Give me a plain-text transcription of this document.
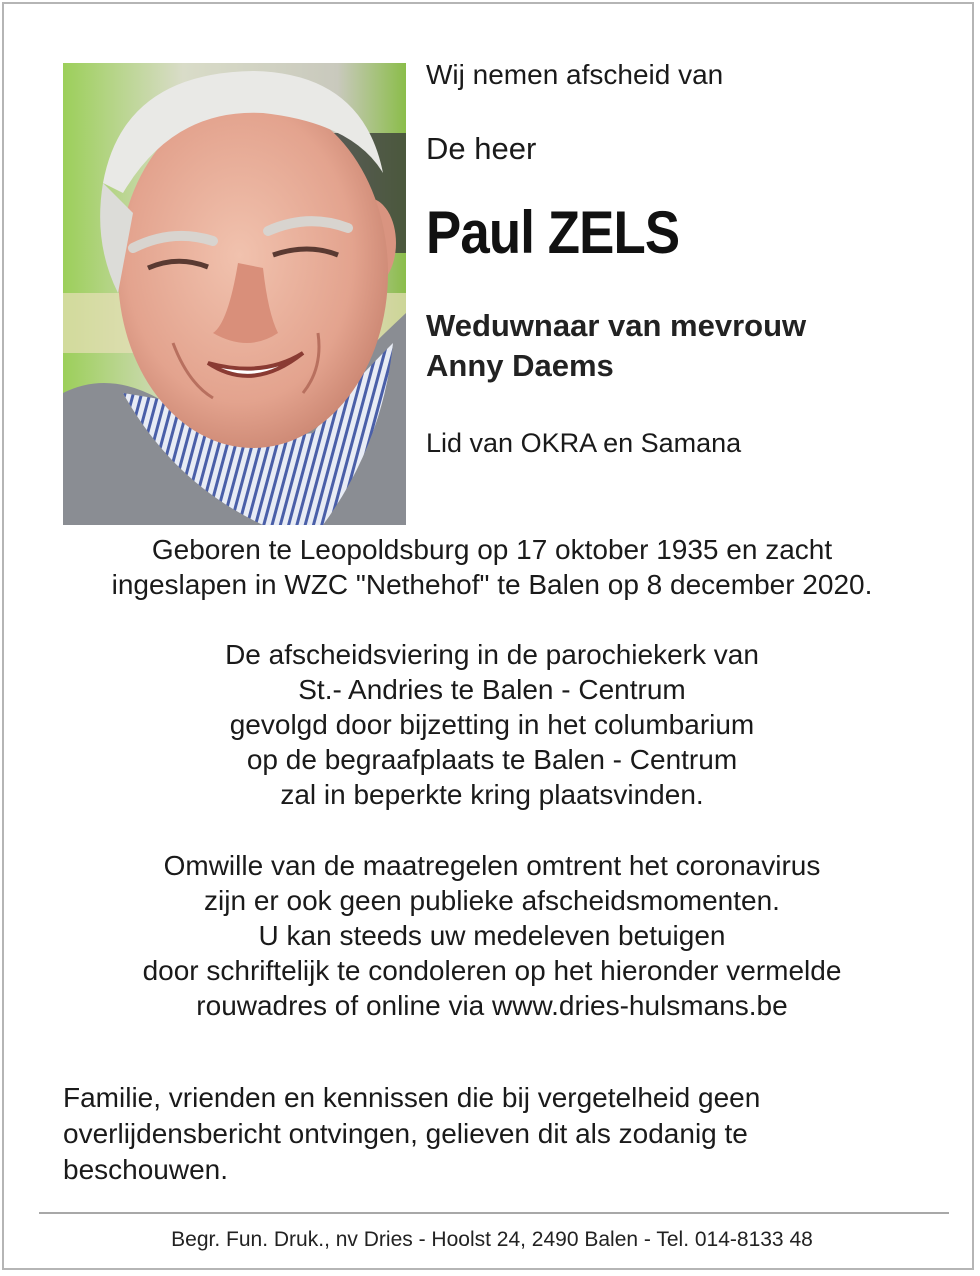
Wij nemen afscheid van
De heer
Paul ZELS
Weduwnaar van mevrouw
Anny Daems
Lid van OKRA en Samana
Geboren te Leopoldsburg op 17 oktober 1935 en zacht
ingeslapen in WZC "Nethehof" te Balen op 8 december 2020.
De afscheidsviering in de parochiekerk van
St.- Andries te Balen - Centrum
gevolgd door bijzetting in het columbarium
op de begraafplaats te Balen - Centrum
zal in beperkte kring plaatsvinden.
Omwille van de maatregelen omtrent het coronavirus
zijn er ook geen publieke afscheidsmomenten.
U kan steeds uw medeleven betuigen
door schriftelijk te condoleren op het hieronder vermelde
rouwadres of online via www.dries-hulsmans.be
Familie, vrienden en kennissen die bij vergetelheid geen
overlijdensbericht ontvingen, gelieven dit als zodanig te
beschouwen.
Begr. Fun. Druk., nv Dries - Hoolst 24, 2490 Balen - Tel. 014-8133 48
